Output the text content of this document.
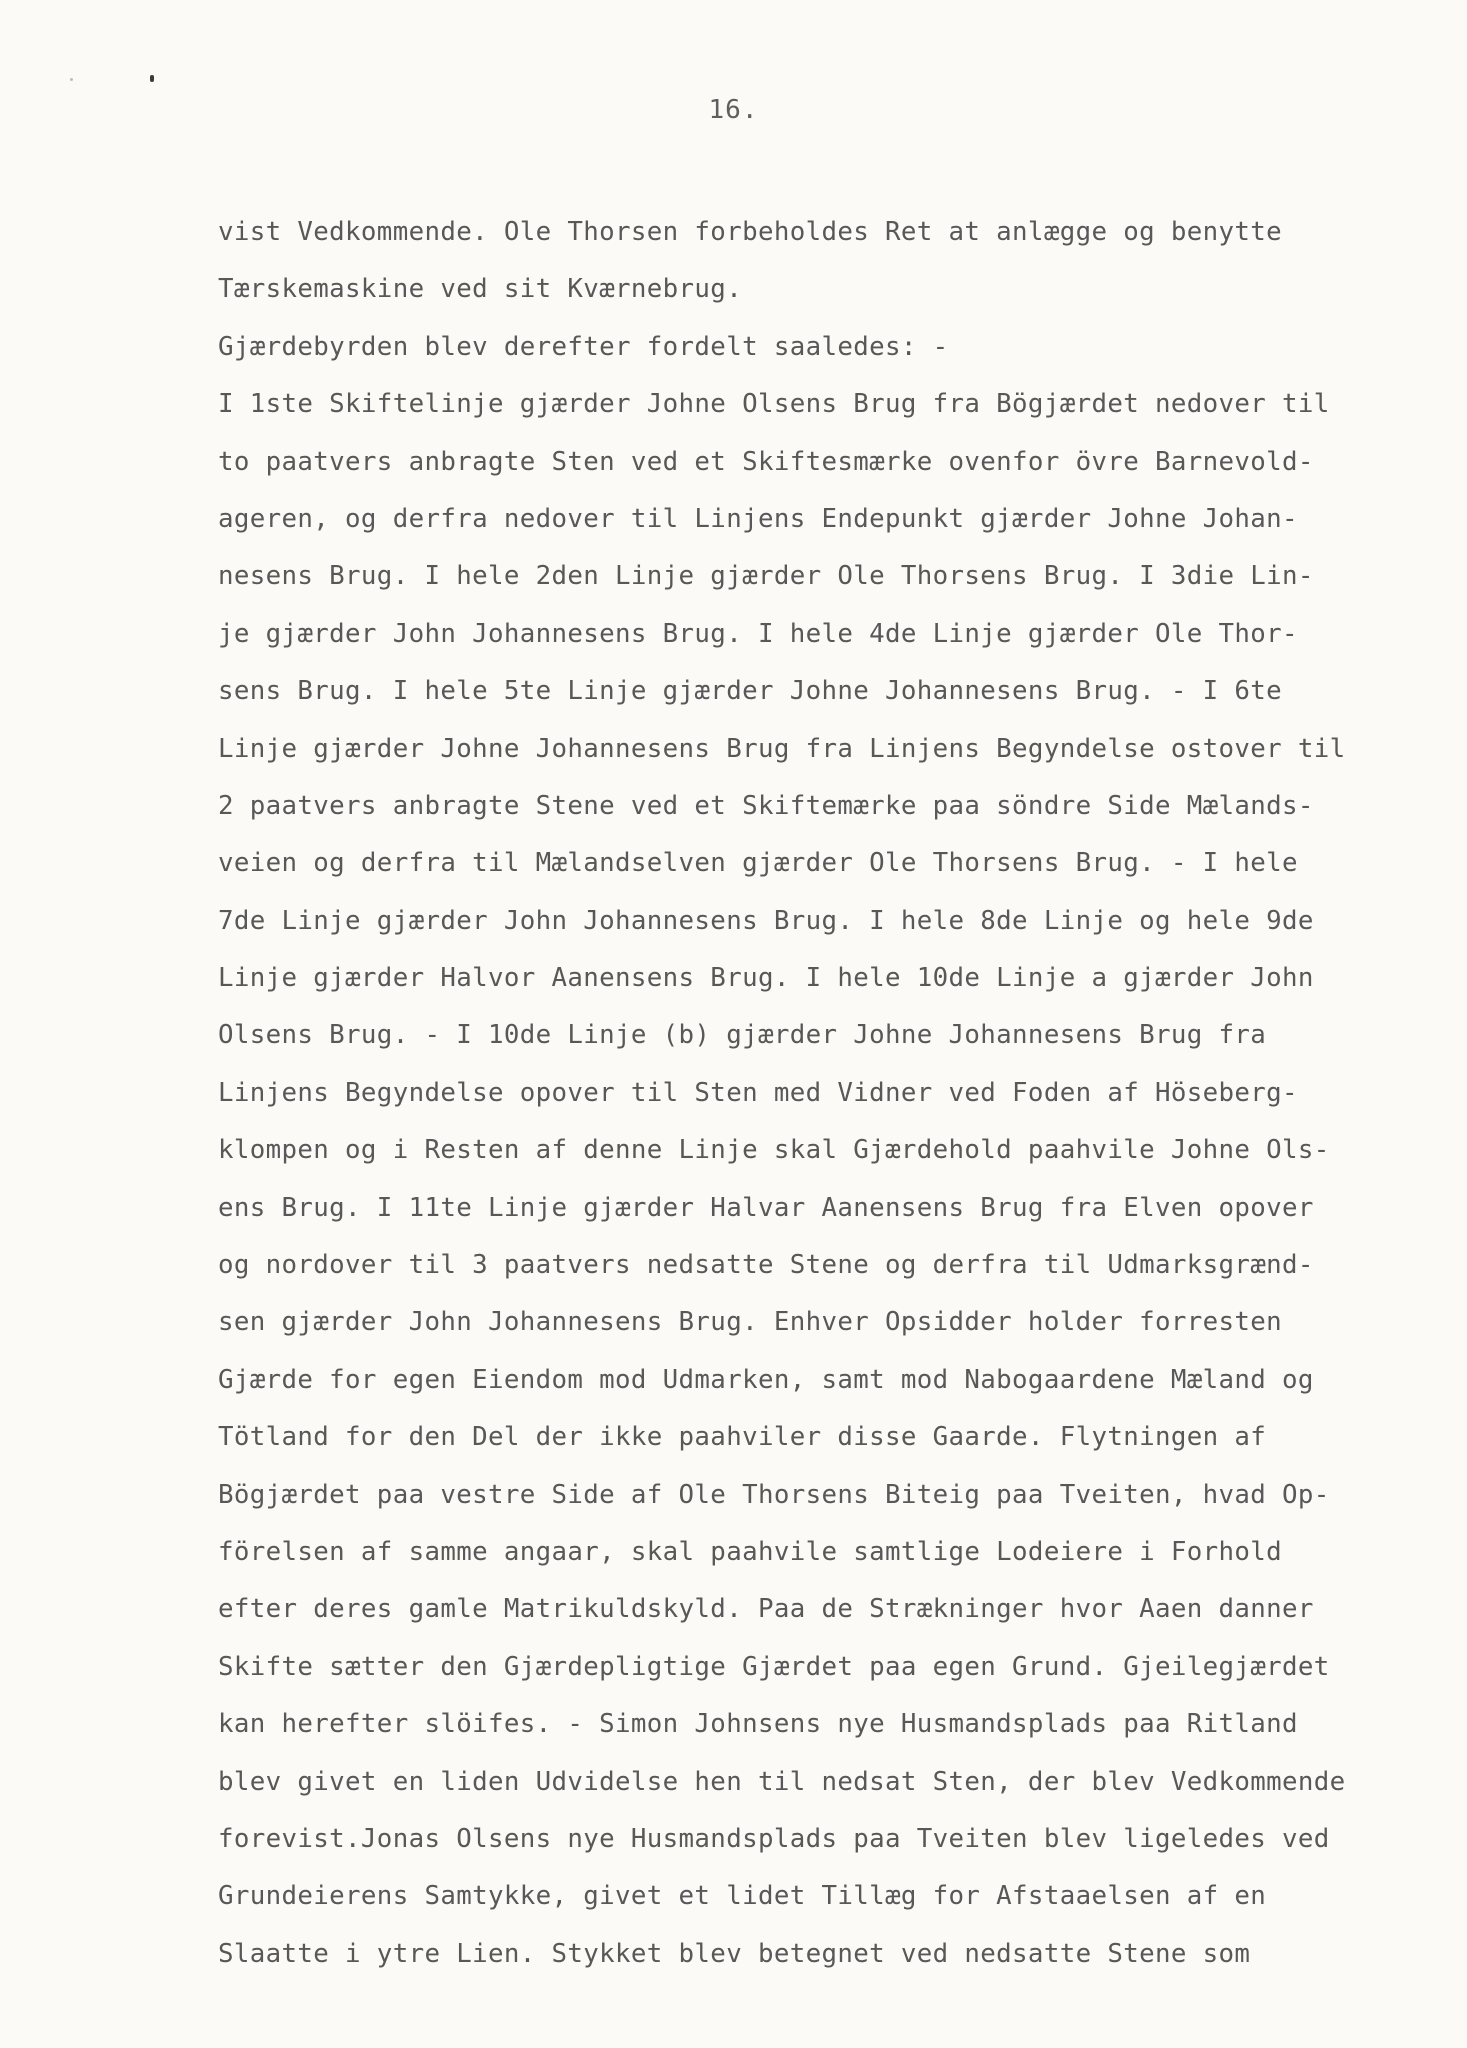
16.
vist Vedkommende. Ole Thorsen forbeholdes Ret at anlægge og benytte
Tærskemaskine ved sit Kværnebrug.
Gjærdebyrden blev derefter fordelt saaledes: -
I 1ste Skiftelinje gjærder Johne Olsens Brug fra Bögjærdet nedover til
to paatvers anbragte Sten ved et Skiftesmærke ovenfor övre Barnevold-
ageren, og derfra nedover til Linjens Endepunkt gjærder Johne Johan-
nesens Brug. I hele 2den Linje gjærder Ole Thorsens Brug. I 3die Lin-
je gjærder John Johannesens Brug. I hele 4de Linje gjærder Ole Thor-
sens Brug. I hele 5te Linje gjærder Johne Johannesens Brug. - I 6te
Linje gjærder Johne Johannesens Brug fra Linjens Begyndelse ostover til
2 paatvers anbragte Stene ved et Skiftemærke paa söndre Side Mælands-
veien og derfra til Mælandselven gjærder Ole Thorsens Brug. - I hele
7de Linje gjærder John Johannesens Brug. I hele 8de Linje og hele 9de
Linje gjærder Halvor Aanensens Brug. I hele 10de Linje a gjærder John
Olsens Brug. - I 10de Linje (b) gjærder Johne Johannesens Brug fra
Linjens Begyndelse opover til Sten med Vidner ved Foden af Höseberg-
klompen og i Resten af denne Linje skal Gjærdehold paahvile Johne Ols-
ens Brug. I 11te Linje gjærder Halvar Aanensens Brug fra Elven opover
og nordover til 3 paatvers nedsatte Stene og derfra til Udmarksgrænd-
sen gjærder John Johannesens Brug. Enhver Opsidder holder forresten
Gjærde for egen Eiendom mod Udmarken, samt mod Nabogaardene Mæland og
Tötland for den Del der ikke paahviler disse Gaarde. Flytningen af
Bögjærdet paa vestre Side af Ole Thorsens Biteig paa Tveiten, hvad Op-
förelsen af samme angaar, skal paahvile samtlige Lodeiere i Forhold
efter deres gamle Matrikuldskyld. Paa de Strækninger hvor Aaen danner
Skifte sætter den Gjærdepligtige Gjærdet paa egen Grund. Gjeilegjærdet
kan herefter slöifes. - Simon Johnsens nye Husmandsplads paa Ritland
blev givet en liden Udvidelse hen til nedsat Sten, der blev Vedkommende
forevist.Jonas Olsens nye Husmandsplads paa Tveiten blev ligeledes ved
Grundeierens Samtykke, givet et lidet Tillæg for Afstaaelsen af en
Slaatte i ytre Lien. Stykket blev betegnet ved nedsatte Stene som
